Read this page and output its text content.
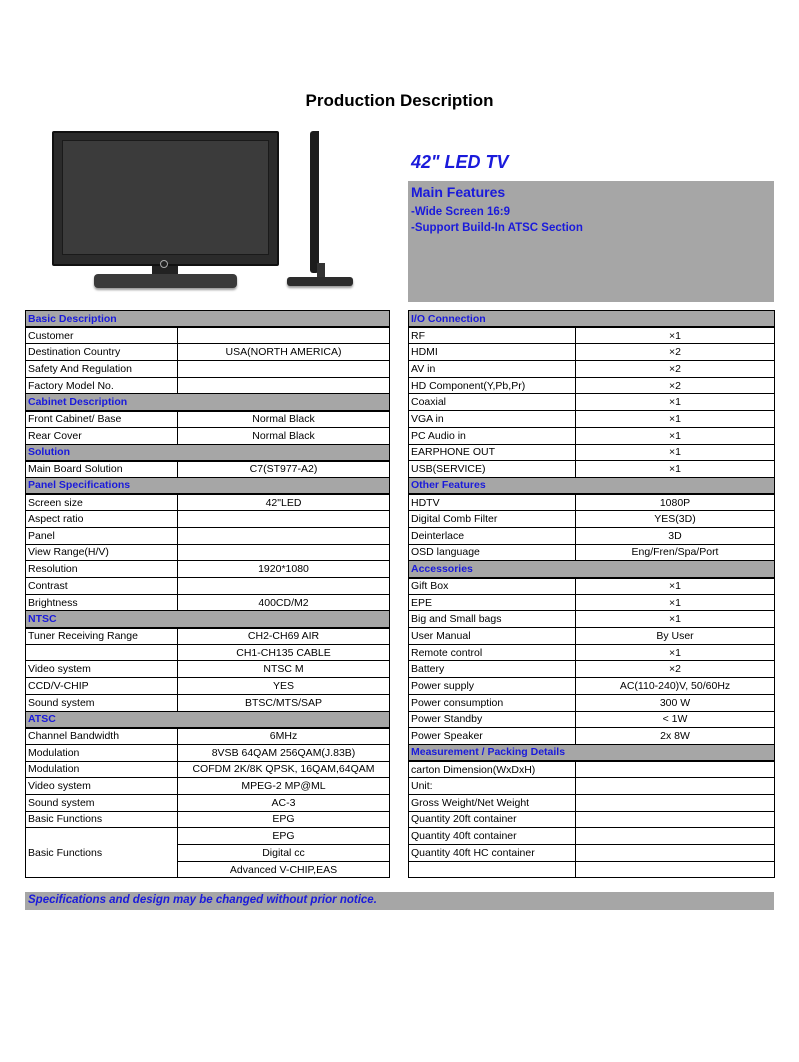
Production Description
42" LED TV
Main Features
-Wide Screen 16:9
-Support Build-In ATSC Section
Basic Description	
Customer	
Destination Country	USA(NORTH AMERICA)
Safety And Regulation	
Factory Model No.	
Cabinet Description	
Front Cabinet/ Base	Normal Black
Rear Cover	Normal Black
Solution	
Main Board Solution	C7(ST977-A2)
Panel Specifications	
Screen size	42"LED
Aspect ratio	
Panel	
View Range(H/V)	
Resolution	1920*1080
Contrast	
Brightness	400CD/M2
NTSC	
Tuner Receiving Range	CH2-CH69 AIR
	CH1-CH135 CABLE
Video system	NTSC M
CCD/V-CHIP	YES
Sound system	BTSC/MTS/SAP
ATSC	
Channel Bandwidth	6MHz
Modulation	8VSB 64QAM 256QAM(J.83B)
Modulation	COFDM 2K/8K QPSK, 16QAM,64QAM
Video system	MPEG-2 MP@ML
Sound system	AC-3
Basic Functions	EPG
Basic Functions	EPG
	Digital cc
	Advanced V-CHIP,EAS
I/O Connection	
RF	×1
HDMI	×2
AV in	×2
HD Component(Y,Pb,Pr)	×2
Coaxial	×1
VGA in	×1
PC Audio in	×1
EARPHONE OUT	×1
USB(SERVICE)	×1
Other Features	
HDTV	1080P
Digital Comb Filter	YES(3D)
Deinterlace	3D
OSD language	Eng/Fren/Spa/Port
Accessories	
Gift Box	×1
EPE	×1
Big and Small bags	×1
User Manual	By User
Remote control	×1
Battery	×2
Power supply	AC(110-240)V, 50/60Hz
Power consumption	300 W
Power Standby	< 1W
Power Speaker	2x 8W
Measurement / Packing Details	
carton Dimension(WxDxH)	
Unit:	
Gross Weight/Net Weight	
Quantity 20ft container	
Quantity 40ft container	
Quantity 40ft HC container	

Specifications and design may be changed without prior notice.
